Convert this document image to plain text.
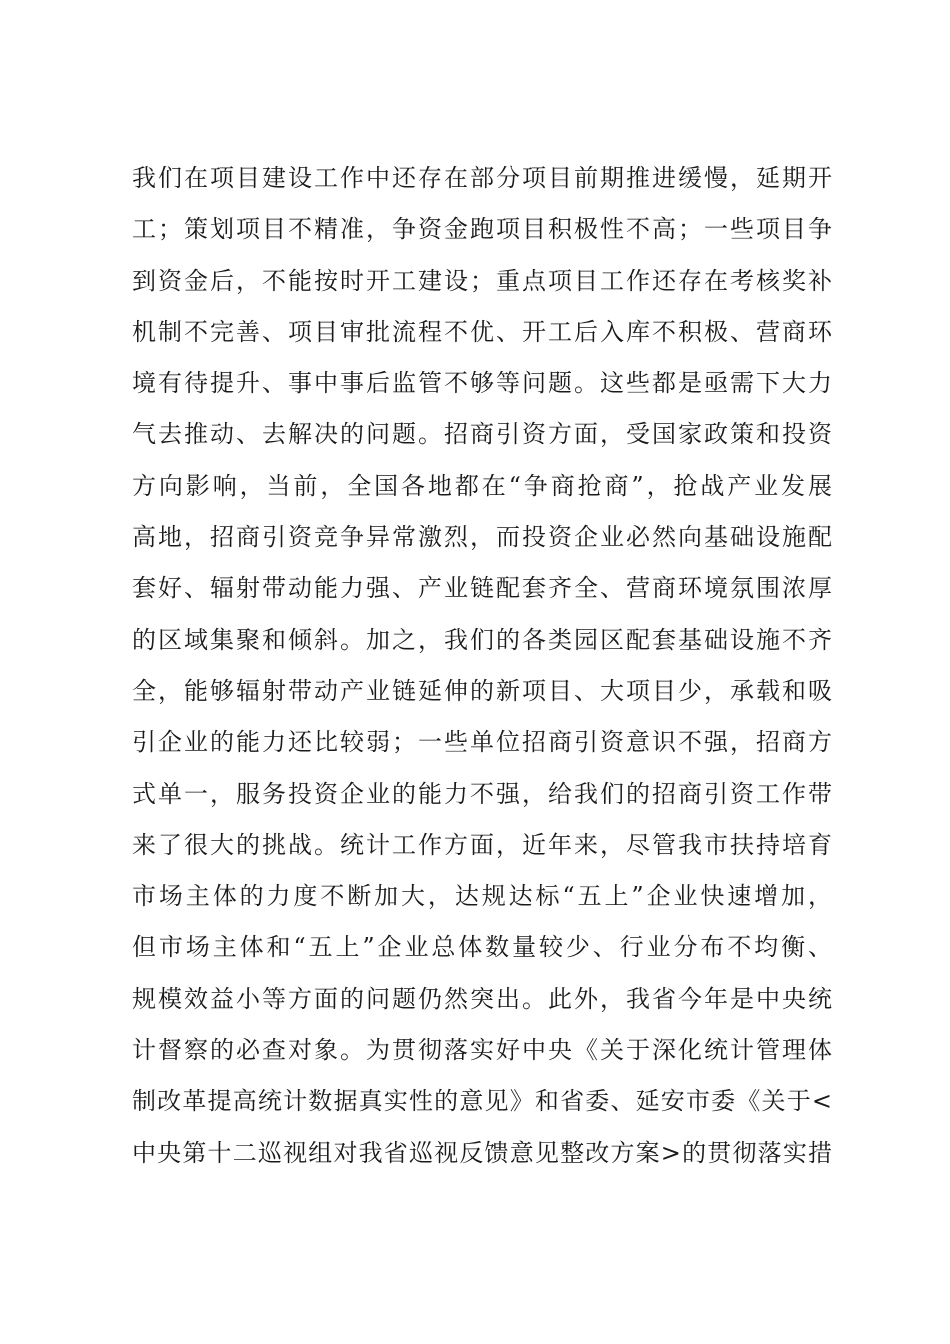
我们在项目建设工作中还存在部分项目前期推进缓慢，延期开
工；策划项目不精准，争资金跑项目积极性不高；一些项目争
到资金后，不能按时开工建设；重点项目工作还存在考核奖补
机制不完善、项目审批流程不优、开工后入库不积极、营商环
境有待提升、事中事后监管不够等问题。这些都是亟需下大力
气去推动、去解决的问题。招商引资方面，受国家政策和投资
方向影响，当前，全国各地都在“争商抢商”，抢战产业发展
高地，招商引资竞争异常激烈，而投资企业必然向基础设施配
套好、辐射带动能力强、产业链配套齐全、营商环境氛围浓厚
的区域集聚和倾斜。加之，我们的各类园区配套基础设施不齐
全，能够辐射带动产业链延伸的新项目、大项目少，承载和吸
引企业的能力还比较弱；一些单位招商引资意识不强，招商方
式单一，服务投资企业的能力不强，给我们的招商引资工作带
来了很大的挑战。统计工作方面，近年来，尽管我市扶持培育
市场主体的力度不断加大，达规达标“五上”企业快速增加，
但市场主体和“五上”企业总体数量较少、行业分布不均衡、
规模效益小等方面的问题仍然突出。此外，我省今年是中央统
计督察的必查对象。为贯彻落实好中央《关于深化统计管理体
制改革提高统计数据真实性的意见》和省委、延安市委《关于<
中央第十二巡视组对我省巡视反馈意见整改方案>的贯彻落实措
